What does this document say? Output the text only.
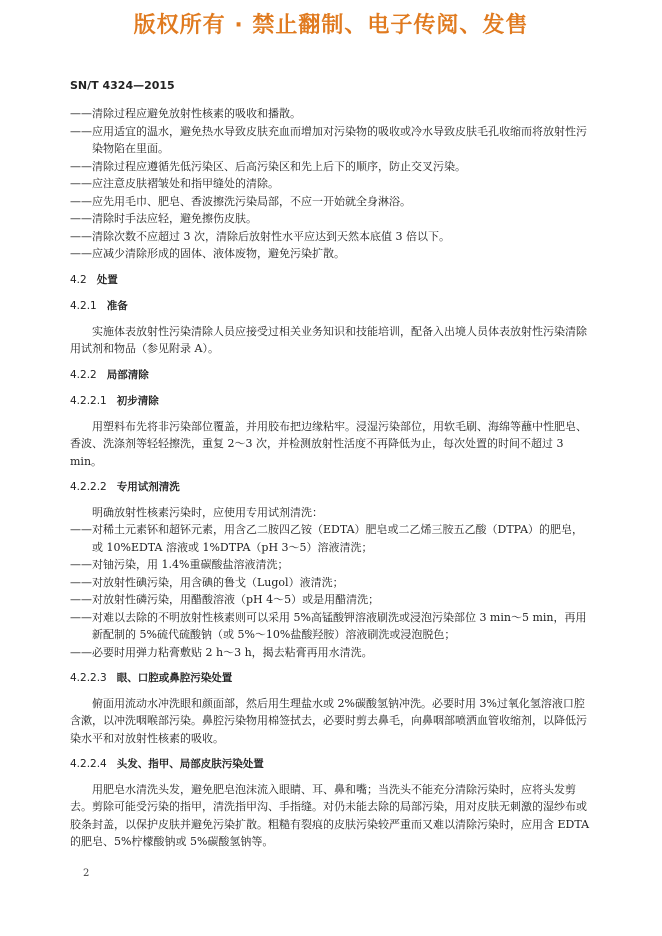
版权所有 · 禁止翻制、电子传阅、发售
SN/T 4324—2015
—— 清除过程应避免放射性核素的吸收和播散。
—— 应用适宜的温水，避免热水导致皮肤充血而增加对污染物的吸收或冷水导致皮肤毛孔收缩而将放射性污染物陷在里面。
—— 清除过程应遵循先低污染区、后高污染区和先上后下的顺序，防止交叉污染。
—— 应注意皮肤褶皱处和指甲缝处的清除。
—— 应先用毛巾、肥皂、香波擦洗污染局部，不应一开始就全身淋浴。
—— 清除时手法应轻，避免擦伤皮肤。
—— 清除次数不应超过 3 次，清除后放射性水平应达到天然本底值 3 倍以下。
—— 应减少清除形成的固体、液体废物，避免污染扩散。
4.2 处置
4.2.1 准备
实施体表放射性污染清除人员应接受过相关业务知识和技能培训，配备入出境人员体表放射性污染清除用试剂和物品（参见附录 A）。
4.2.2 局部清除
4.2.2.1 初步清除
用塑料布先将非污染部位覆盖，并用胶布把边缘粘牢。浸湿污染部位，用软毛刷、海绵等蘸中性肥皂、香波、洗涤剂等轻轻擦洗，重复 2～3 次，并检测放射性活度不再降低为止，每次处置的时间不超过 3 min。
4.2.2.2 专用试剂清洗
明确放射性核素污染时，应使用专用试剂清洗：
—— 对稀土元素钚和超钚元素，用含乙二胺四乙铵（EDTA）肥皂或二乙烯三胺五乙酸（DTPA）的肥皂，或 10%EDTA 溶液或 1%DTPA（pH 3～5）溶液清洗；
—— 对铀污染，用 1.4%重碳酸盐溶液清洗；
—— 对放射性碘污染，用含碘的鲁戈（Lugol）液清洗；
—— 对放射性磷污染，用醋酸溶液（pH 4～5）或是用醋清洗；
—— 对难以去除的不明放射性核素则可以采用 5%高锰酸钾溶液刷洗或浸泡污染部位 3 min～5 min，再用新配制的 5%硫代硫酸钠（或 5%～10%盐酸羟胺）溶液刷洗或浸泡脱色；
—— 必要时用弹力粘膏敷贴 2 h～3 h，揭去粘膏再用水清洗。
4.2.2.3 眼、口腔或鼻腔污染处置
俯面用流动水冲洗眼和颜面部，然后用生理盐水或 2%碳酸氢钠冲洗。必要时用 3%过氧化氢溶液口腔含漱，以冲洗咽喉部污染。鼻腔污染物用棉签拭去，必要时剪去鼻毛，向鼻咽部喷洒血管收缩剂，以降低污染水平和对放射性核素的吸收。
4.2.2.4 头发、指甲、局部皮肤污染处置
用肥皂水清洗头发，避免肥皂泡沫流入眼睛、耳、鼻和嘴；当洗头不能充分清除污染时，应将头发剪去。剪除可能受污染的指甲，清洗指甲沟、手指缝。对仍未能去除的局部污染，用对皮肤无刺激的湿纱布或胶条封盖，以保护皮肤并避免污染扩散。粗糙有裂痕的皮肤污染较严重而又难以清除污染时，应用含 EDTA 的肥皂、5%柠檬酸钠或 5%碳酸氢钠等。
2
